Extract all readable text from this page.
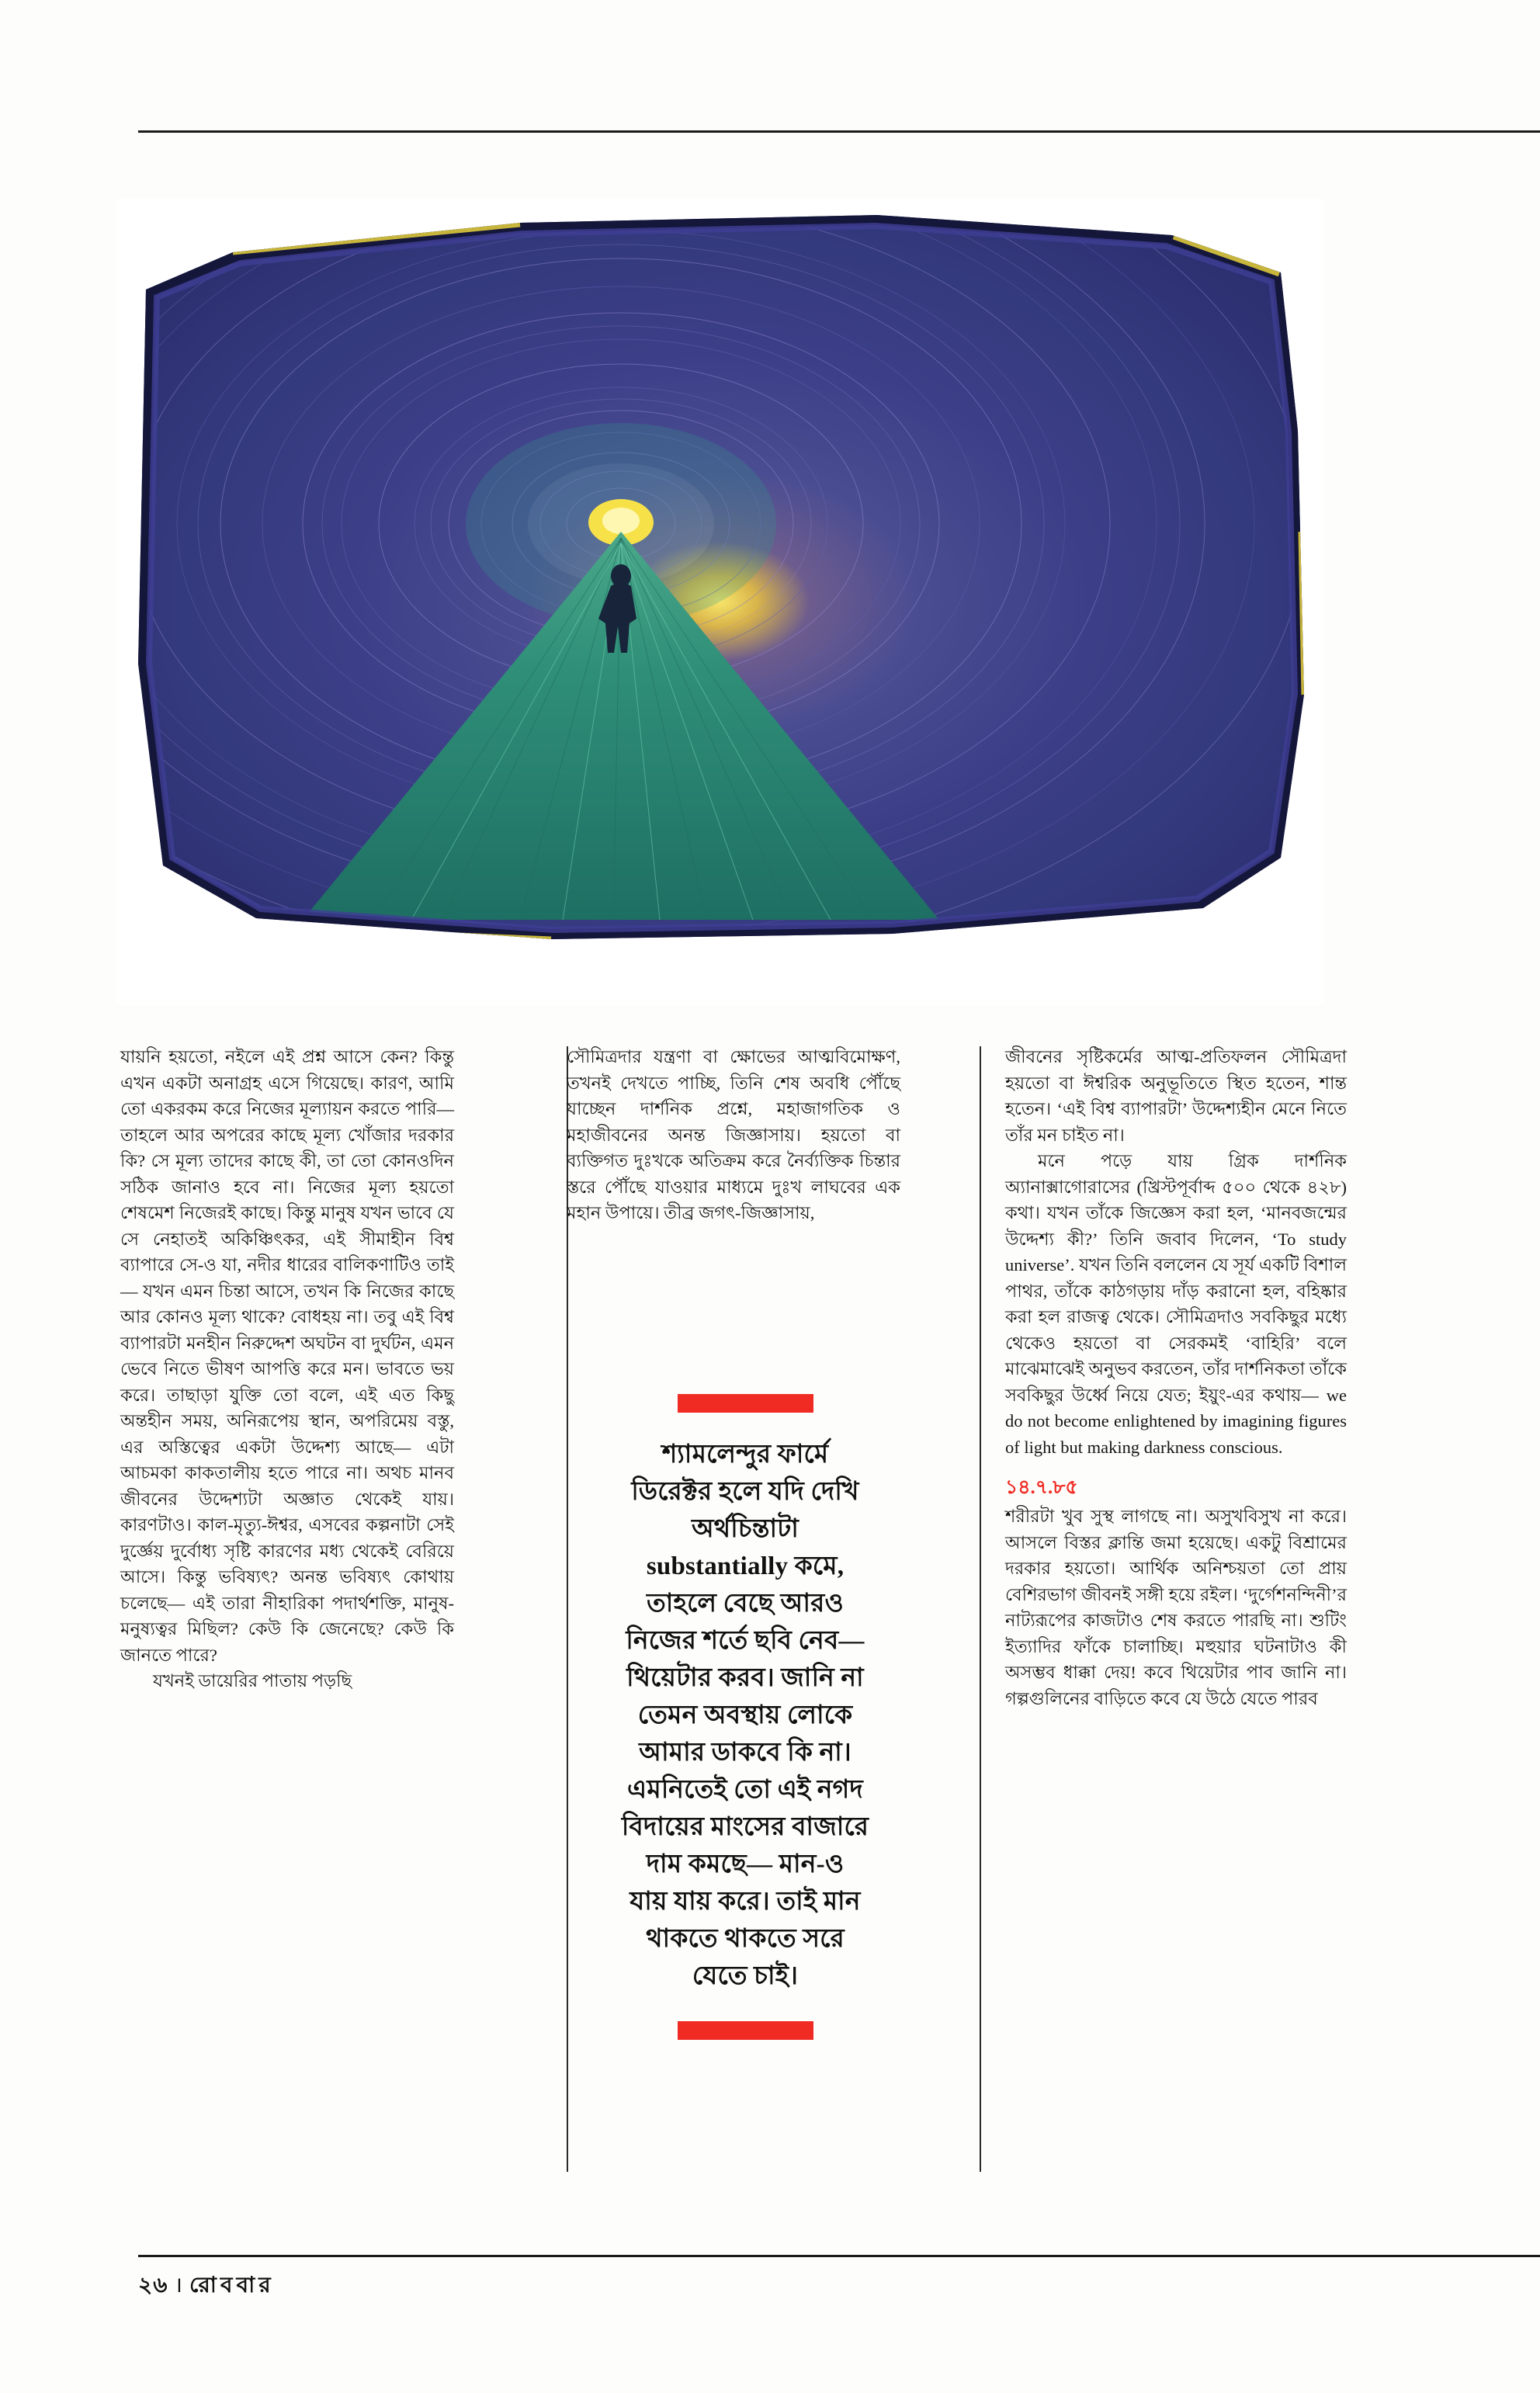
যায়নি হয়তো, নইলে এই প্রশ্ন আসে কেন? কিন্তু এখন একটা অনাগ্রহ এসে গিয়েছে। কারণ, আমি তো একরকম করে নিজের মূল্যায়ন করতে পারি— তাহলে আর অপরের কাছে মূল্য খোঁজার দরকার কি? সে মূল্য তাদের কাছে কী, তা তো কোনওদিন সঠিক জানাও হবে না। নিজের মূল্য হয়তো শেষমেশ নিজেরই কাছে। কিন্তু মানুষ যখন ভাবে যে সে নেহাতই অকিঞ্চিৎকর, এই সীমাহীন বিশ্ব ব্যাপারে সে-ও যা, নদীর ধারের বালিকণাটিও তাই— যখন এমন চিন্তা আসে, তখন কি নিজের কাছে আর কোনও মূল্য থাকে? বোধহয় না। তবু এই বিশ্ব ব্যাপারটা মনহীন নিরুদ্দেশ অঘটন বা দুর্ঘটন, এমন ভেবে নিতে ভীষণ আপত্তি করে মন। ভাবতে ভয় করে। তাছাড়া যুক্তি তো বলে, এই এত কিছু অন্তহীন সময়, অনিরূপেয় স্থান, অপরিমেয় বস্তু, এর অস্তিত্বের একটা উদ্দেশ্য আছে— এটা আচমকা কাকতালীয় হতে পারে না। অথচ মানব জীবনের উদ্দেশ্যটা অজ্ঞাত থেকেই যায়। কারণটাও। কাল-মৃত্যু-ঈশ্বর, এসবের কল্পনাটা সেই দুর্জ্ঞেয় দুর্বোধ্য সৃষ্টি কারণের মধ্য থেকেই বেরিয়ে আসে। কিন্তু ভবিষ্যৎ? অনন্ত ভবিষ্যৎ কোথায় চলেছে— এই তারা নীহারিকা পদার্থশক্তি, মানুষ-মনুষ্যত্বর মিছিল? কেউ কি জেনেছে? কেউ কি জানতে পারে?

যখনই ডায়েরির পাতায় পড়ছি

সৌমিত্রদার যন্ত্রণা বা ক্ষোভের আত্মবিমোক্ষণ, তখনই দেখতে পাচ্ছি, তিনি শেষ অবধি পৌঁছে যাচ্ছেন দার্শনিক প্রশ্নে, মহাজাগতিক ও মহাজীবনের অনন্ত জিজ্ঞাসায়। হয়তো বা ব্যক্তিগত দুঃখকে অতিক্রম করে নৈর্ব্যক্তিক চিন্তার স্তরে পৌঁছে যাওয়ার মাধ্যমে দুঃখ লাঘবের এক মহান উপায়ে। তীব্র জগৎ-জিজ্ঞাসায়,

শ্যামলেন্দুর ফার্মে
ডিরেক্টর হলে যদি দেখি
অর্থচিন্তাটা
substantially কমে,
তাহলে বেছে আরও
নিজের শর্তে ছবি নেব—
থিয়েটার করব। জানি না
তেমন অবস্থায় লোকে
আমার ডাকবে কি না।
এমনিতেই তো এই নগদ
বিদায়ের মাংসের বাজারে
দাম কমছে— মান-ও
যায় যায় করে। তাই মান
থাকতে থাকতে সরে
যেতে চাই।

জীবনের সৃষ্টিকর্মের আত্ম-প্রতিফলন সৌমিত্রদা হয়তো বা ঈশ্বরিক অনুভূতিতে স্থিত হতেন, শান্ত হতেন। ‘এই বিশ্ব ব্যাপারটা’ উদ্দেশ্যহীন মেনে নিতে তাঁর মন চাইত না।

মনে পড়ে যায় গ্রিক দার্শনিক অ্যানাক্সাগোরাসের (খ্রিস্টপূর্বাব্দ ৫০০ থেকে ৪২৮) কথা। যখন তাঁকে জিজ্ঞেস করা হল, ‘মানবজন্মের উদ্দেশ্য কী?’ তিনি জবাব দিলেন, ‘To study universe’. যখন তিনি বললেন যে সূর্য একটি বিশাল পাথর, তাঁকে কাঠগড়ায় দাঁড় করানো হল, বহিষ্কার করা হল রাজত্ব থেকে। সৌমিত্রদাও সবকিছুর মধ্যে থেকেও হয়তো বা সেরকমই ‘বাহিরি’ বলে মাঝেমাঝেই অনুভব করতেন, তাঁর দার্শনিকতা তাঁকে সবকিছুর উর্ধ্বে নিয়ে যেত; ইয়ুং-এর কথায়— we do not become enlightened by imagining figures of light but making darkness conscious.

১৪.৭.৮৫

শরীরটা খুব সুস্থ লাগছে না। অসুখবিসুখ না করে। আসলে বিস্তর ক্লান্তি জমা হয়েছে। একটু বিশ্রামের দরকার হয়তো। আর্থিক অনিশ্চয়তা তো প্রায় বেশিরভাগ জীবনই সঙ্গী হয়ে রইল। ‘দুর্গেশনন্দিনী’র নাট্যরূপের কাজটাও শেষ করতে পারছি না। শুটিং ইত্যাদির ফাঁকে চালাচ্ছি। মহুয়ার ঘটনাটাও কী অসম্ভব ধাক্কা দেয়! কবে থিয়েটার পাব জানি না। গল্পগুলিনের বাড়িতে কবে যে উঠে যেতে পারব

২৬ । রোববার
